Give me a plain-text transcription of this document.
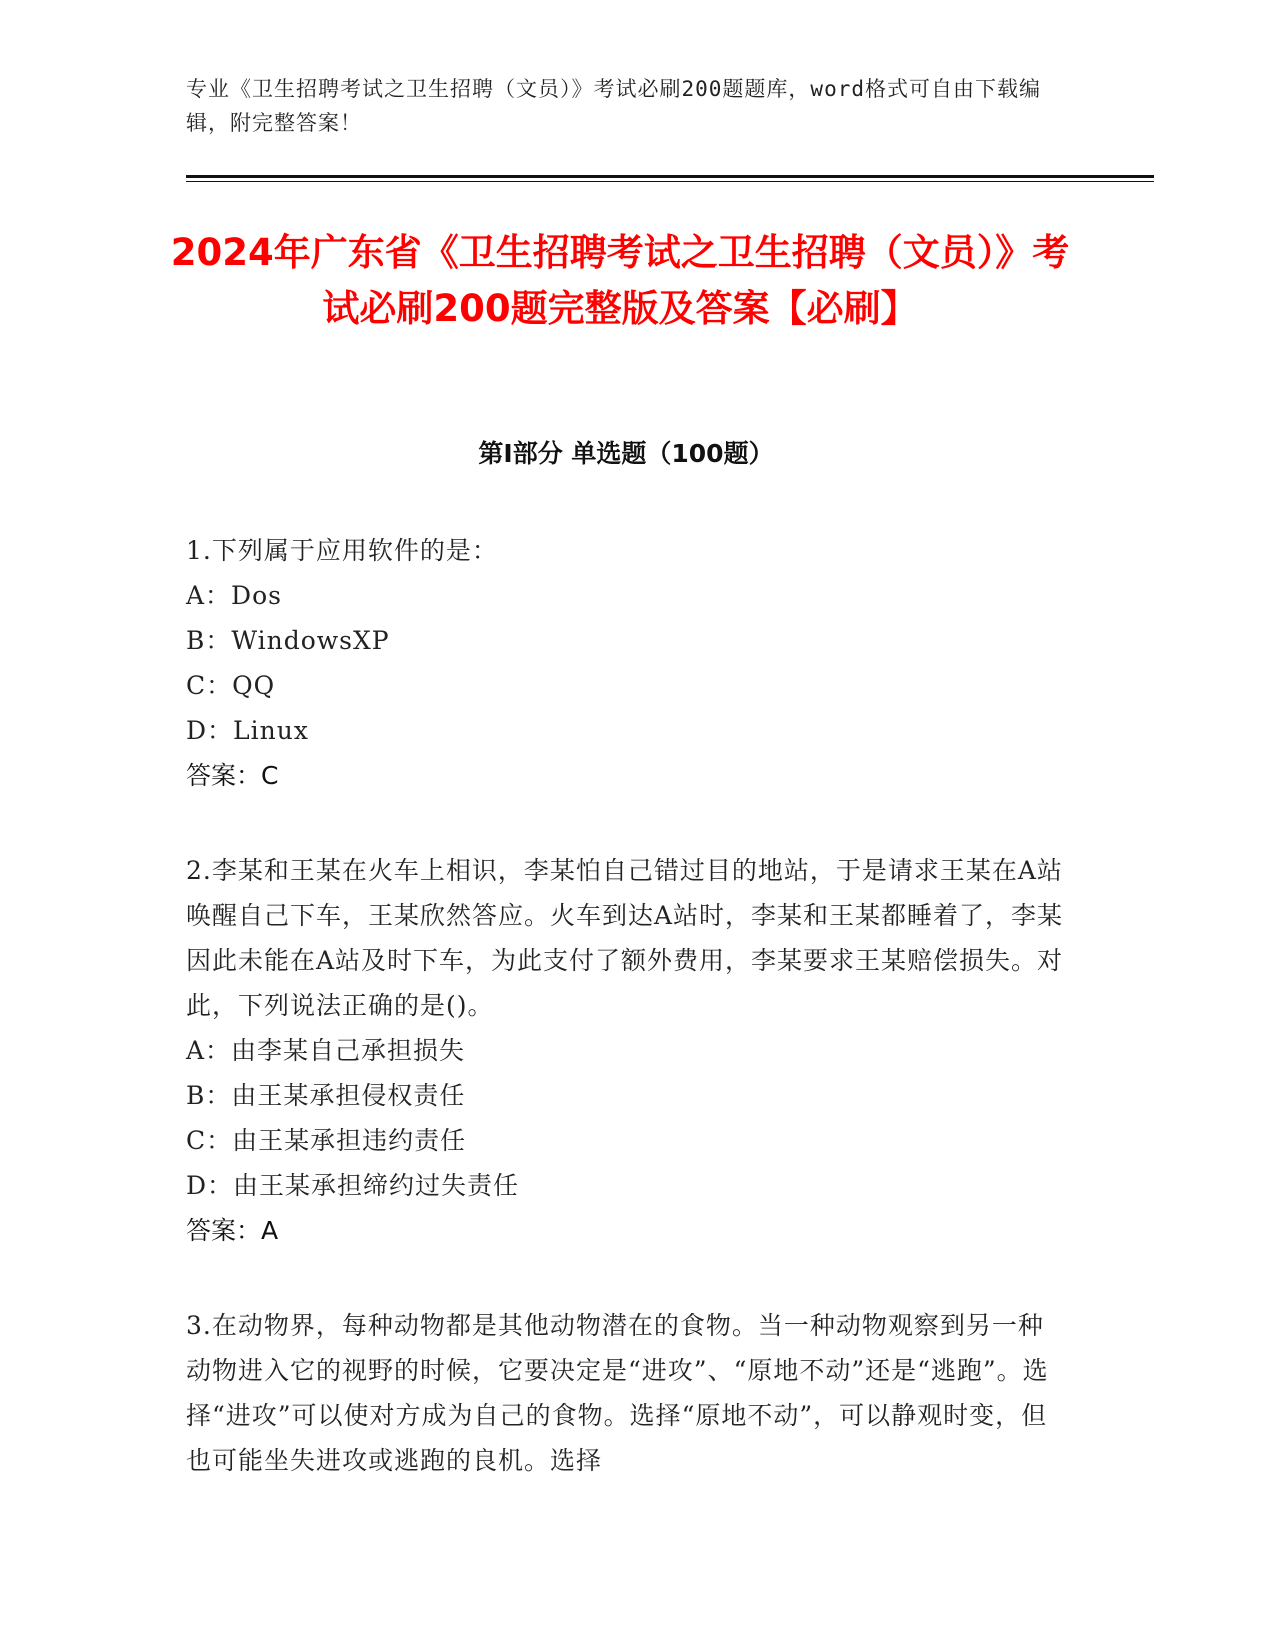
专业《卫生招聘考试之卫生招聘（文员）》考试必刷200题题库，word格式可自由下载编辑，附完整答案！
2024年广东省《卫生招聘考试之卫生招聘（文员）》考试必刷200题完整版及答案【必刷】
第I部分 单选题（100题）

1.下列属于应用软件的是：

A：Dos

B：WindowsXP

C：QQ

D：Linux

答案：C

2.李某和王某在火车上相识，李某怕自己错过目的地站，于是请求王某在A站唤醒自己下车，王某欣然答应。火车到达A站时，李某和王某都睡着了，李某因此未能在A站及时下车，为此支付了额外费用，李某要求王某赔偿损失。对此，下列说法正确的是()。

A：由李某自己承担损失

B：由王某承担侵权责任

C：由王某承担违约责任

D：由王某承担缔约过失责任

答案：A

3.在动物界，每种动物都是其他动物潜在的食物。当一种动物观察到另一种动物进入它的视野的时候，它要决定是“进攻”、“原地不动”还是“逃跑”。选择“进攻”可以使对方成为自己的食物。选择“原地不动”，可以静观时变，但也可能坐失进攻或逃跑的良机。选择
